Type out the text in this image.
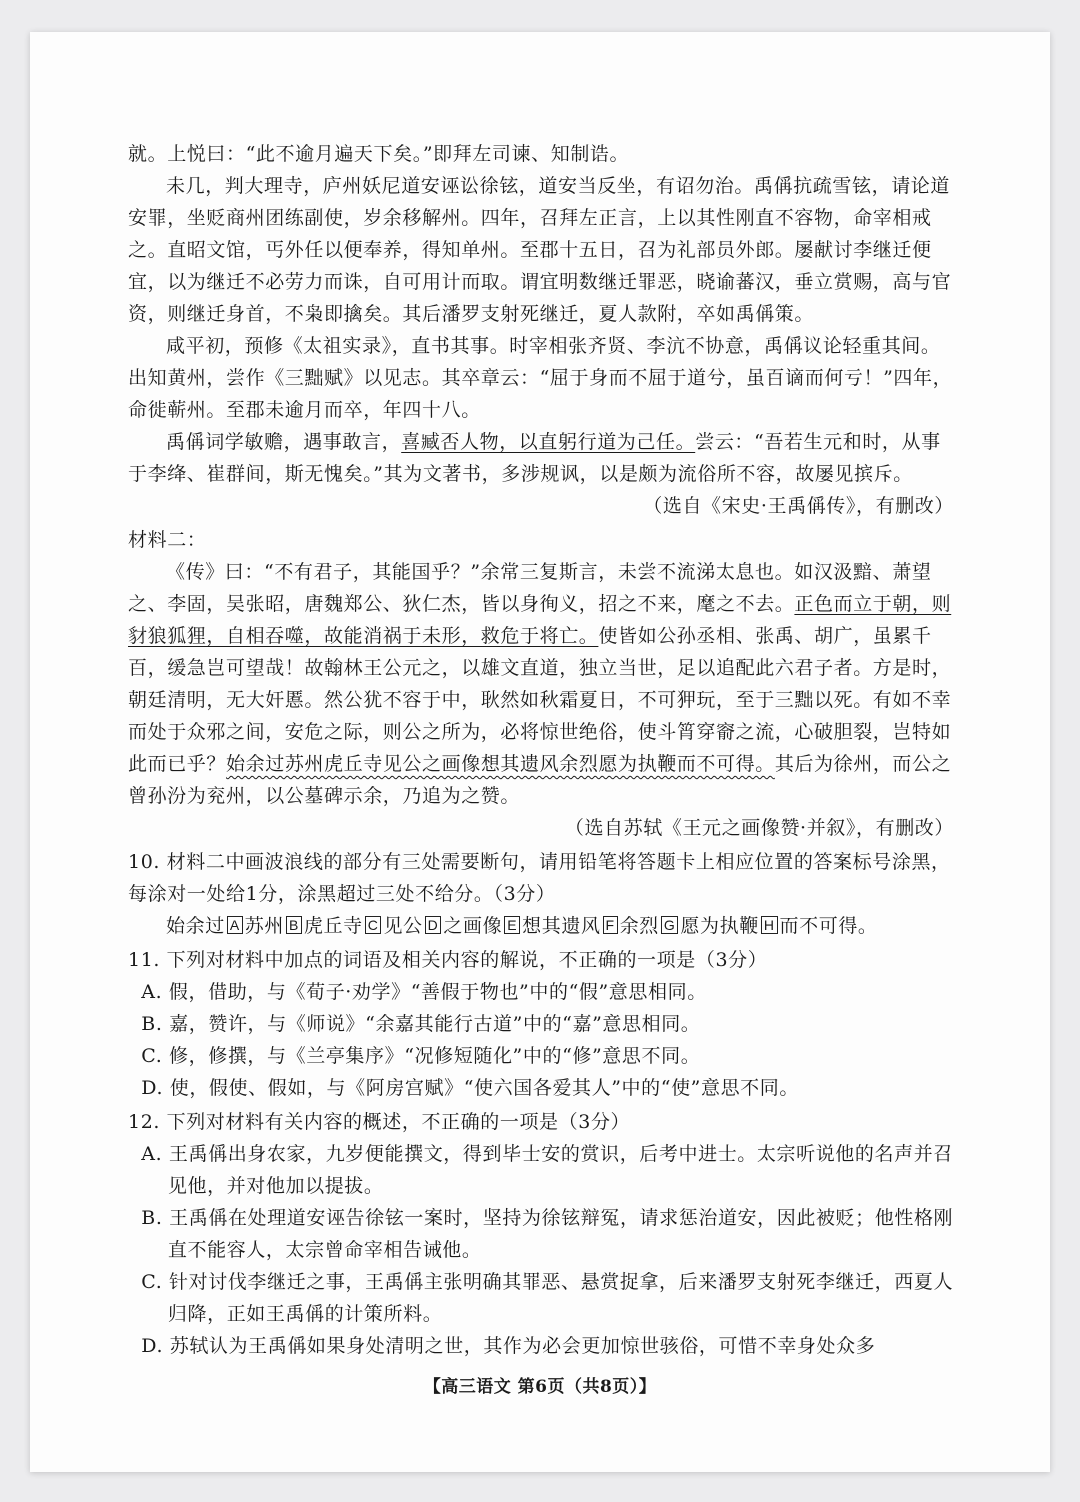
就。上悦曰：“此不逾月遍天下矣。”即拜左司谏、知制诰。

未几，判大理寺，庐州妖尼道安诬讼徐铉，道安当反坐，有诏勿治。禹偁抗疏雪铉，请论道安罪，坐贬商州团练副使，岁余移解州。四年，召拜左正言，上以其性刚直不容物，命宰相戒之。直昭文馆，丐外任以便奉养，得知单州。至郡十五日，召为礼部员外郎。屡献讨李继迁便宜，以为继迁不必劳力而诛，自可用计而取。谓宜明数继迁罪恶，晓谕蕃汉，垂立赏赐，高与官资，则继迁身首，不枭即擒矣。其后潘罗支射死继迁，夏人款附，卒如禹偁策。

咸平初，预修《太祖实录》，直书其事。时宰相张齐贤、李沆不协意，禹偁议论轻重其间。出知黄州，尝作《三黜赋》以见志。其卒章云：“屈于身而不屈于道兮，虽百谪而何亏！”四年，命徙蕲州。至郡未逾月而卒，年四十八。

禹偁词学敏赡，遇事敢言，喜臧否人物，以直躬行道为己任。尝云：“吾若生元和时，从事于李绛、崔群间，斯无愧矣。”其为文著书，多涉规讽，以是颇为流俗所不容，故屡见摈斥。

（选自《宋史·王禹偁传》，有删改）

材料二：

《传》曰：“不有君子，其能国乎？”余常三复斯言，未尝不流涕太息也。如汉汲黯、萧望之、李固，吴张昭，唐魏郑公、狄仁杰，皆以身徇义，招之不来，麾之不去。正色而立于朝，则豺狼狐狸，自相吞噬，故能消祸于未形，救危于将亡。使皆如公孙丞相、张禹、胡广，虽累千百，缓急岂可望哉！故翰林王公元之，以雄文直道，独立当世，足以追配此六君子者。方是时，朝廷清明，无大奸慝。然公犹不容于中，耿然如秋霜夏日，不可狎玩，至于三黜以死。有如不幸而处于众邪之间，安危之际，则公之所为，必将惊世绝俗，使斗筲穿窬之流，心破胆裂，岂特如此而已乎？始余过苏州虎丘寺见公之画像想其遗风余烈愿为执鞭而不可得。其后为徐州，而公之曾孙汾为兖州，以公墓碑示余，乃追为之赞。

（选自苏轼《王元之画像赞·并叙》，有删改）

10. 材料二中画波浪线的部分有三处需要断句，请用铅笔将答题卡上相应位置的答案标号涂黑，每涂对一处给1分，涂黑超过三处不给分。（3分）

始余过 A 苏州 B 虎丘寺 C 见公 D 之画像 E 想其遗风 F 余烈 G 愿为执鞭 H 而不可得。

11. 下列对材料中加点的词语及相关内容的解说，不正确的一项是（3分）

A. 假，借助，与《荀子·劝学》“善假于物也”中的“假”意思相同。

B. 嘉，赞许，与《师说》“余嘉其能行古道”中的“嘉”意思相同。

C. 修，修撰，与《兰亭集序》“况修短随化”中的“修”意思不同。

D. 使，假使、假如，与《阿房宫赋》“使六国各爱其人”中的“使”意思不同。

12. 下列对材料有关内容的概述，不正确的一项是（3分）

A. 王禹偁出身农家，九岁便能撰文，得到毕士安的赏识，后考中进士。太宗听说他的名声并召见他，并对他加以提拔。

B. 王禹偁在处理道安诬告徐铉一案时，坚持为徐铉辩冤，请求惩治道安，因此被贬；他性格刚直不能容人，太宗曾命宰相告诫他。

C. 针对讨伐李继迁之事，王禹偁主张明确其罪恶、悬赏捉拿，后来潘罗支射死李继迁，西夏人归降，正如王禹偁的计策所料。

D. 苏轼认为王禹偁如果身处清明之世，其作为必会更加惊世骇俗，可惜不幸身处众多

【高三语文 第6页（共8页）】
